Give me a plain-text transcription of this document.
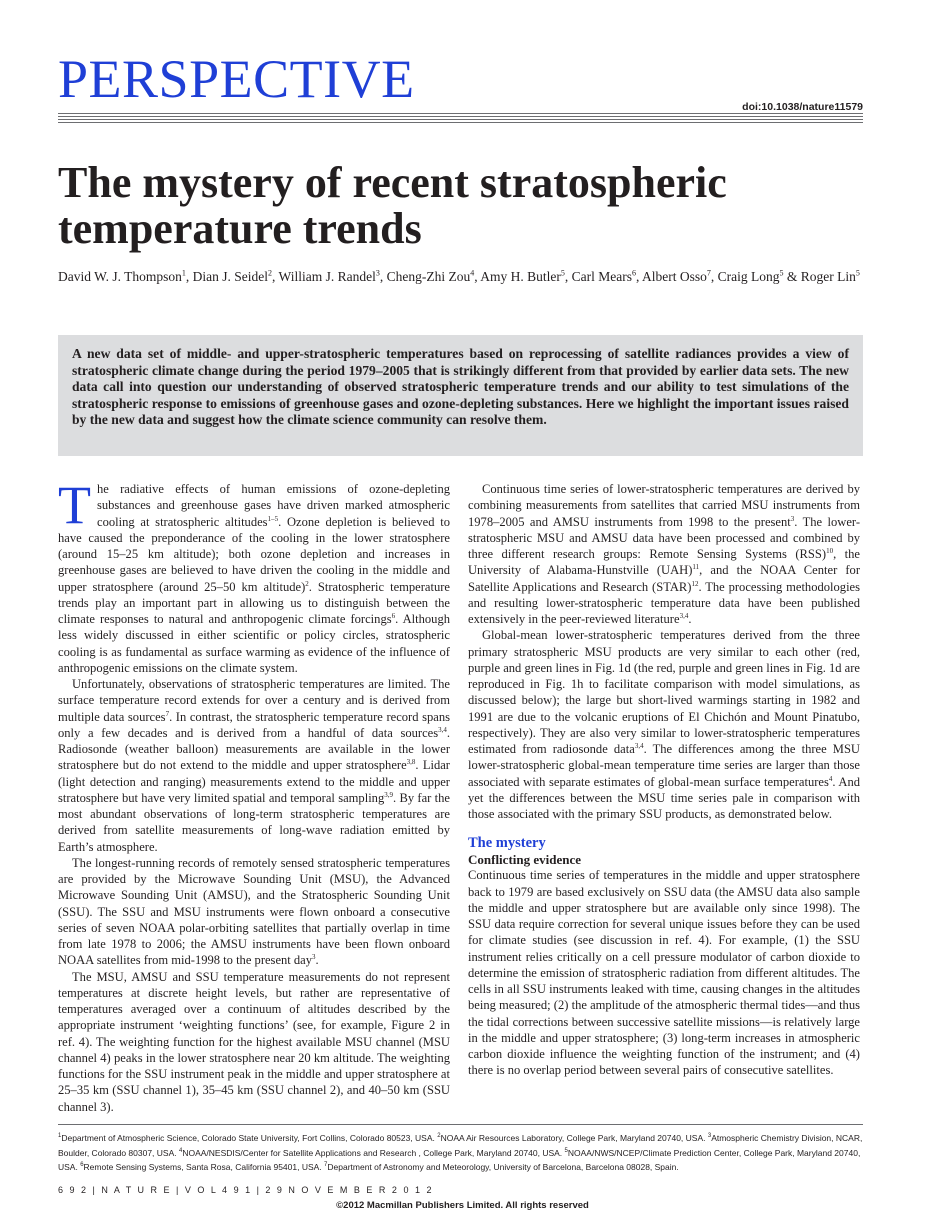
PERSPECTIVE	doi:10.1038/nature11579
The mystery of recent stratospheric temperature trends
David W. J. Thompson$^1$, Dian J. Seidel$^2$, William J. Randel$^3$, Cheng-Zhi Zou$^4$, Amy H. Butler$^5$, Carl Mears$^6$, Albert Osso$^7$, Craig Long$^5$ & Roger Lin$^5$

A new data set of middle- and upper-stratospheric temperatures based on reprocessing of satellite radiances provides a view of stratospheric climate change during the period 1979–2005 that is strikingly different from that provided by earlier data sets. The new data call into question our understanding of observed stratospheric temperature trends and our ability to test simulations of the stratospheric response to emissions of greenhouse gases and ozone-depleting substances. Here we highlight the important issues raised by the new data and suggest how the climate science community can resolve them.

The radiative effects of human emissions of ozone-depleting substances and greenhouse gases have driven marked atmospheric cooling at stratospheric altitudes$^{1-5}$. Ozone depletion is believed to have caused the preponderance of the cooling in the lower stratosphere (around 15–25 km altitude); both ozone depletion and increases in greenhouse gases are believed to have driven the cooling in the middle and upper stratosphere (around 25–50 km altitude)$^2$. Stratospheric temperature trends play an important part in allowing us to distinguish between the climate responses to natural and anthropogenic climate forcings$^6$. Although less widely discussed in either scientific or policy circles, stratospheric cooling is as fundamental as surface warming as evidence of the influence of anthropogenic emissions on the climate system.

Unfortunately, observations of stratospheric temperatures are limited. The surface temperature record extends for over a century and is derived from multiple data sources$^7$. In contrast, the stratospheric temperature record spans only a few decades and is derived from a handful of data sources$^{3,4}$. Radiosonde (weather balloon) measurements are available in the lower stratosphere but do not extend to the middle and upper stratosphere$^{3,8}$. Lidar (light detection and ranging) measurements extend to the middle and upper stratosphere but have very limited spatial and temporal sampling$^{3,9}$. By far the most abundant observations of long-term stratospheric temperatures are derived from satellite measurements of long-wave radiation emitted by Earth’s atmosphere.

The longest-running records of remotely sensed stratospheric temperatures are provided by the Microwave Sounding Unit (MSU), the Advanced Microwave Sounding Unit (AMSU), and the Stratospheric Sounding Unit (SSU). The SSU and MSU instruments were flown onboard a consecutive series of seven NOAA polar-orbiting satellites that partially overlap in time from late 1978 to 2006; the AMSU instruments have been flown onboard NOAA satellites from mid-1998 to the present day$^3$.

The MSU, AMSU and SSU temperature measurements do not represent temperatures at discrete height levels, but rather are representative of temperatures averaged over a continuum of altitudes described by the appropriate instrument ‘weighting functions’ (see, for example, Figure 2 in ref. 4). The weighting function for the highest available MSU channel (MSU channel 4) peaks in the lower stratosphere near 20 km altitude. The weighting functions for the SSU instrument peak in the middle and upper stratosphere at 25–35 km (SSU channel 1), 35–45 km (SSU channel 2), and 40–50 km (SSU channel 3).

Continuous time series of lower-stratospheric temperatures are derived by combining measurements from satellites that carried MSU instruments from 1978–2005 and AMSU instruments from 1998 to the present$^3$. The lower-stratospheric MSU and AMSU data have been processed and combined by three different research groups: Remote Sensing Systems (RSS)$^{10}$, the University of Alabama-Hunstville (UAH)$^{11}$, and the NOAA Center for Satellite Applications and Research (STAR)$^{12}$. The processing methodologies and resulting lower-stratospheric temperature data have been published extensively in the peer-reviewed literature$^{3,4}$.

Global-mean lower-stratospheric temperatures derived from the three primary stratospheric MSU products are very similar to each other (red, purple and green lines in Fig. 1d (the red, purple and green lines in Fig. 1d are reproduced in Fig. 1h to facilitate comparison with model simulations, as discussed below); the large but short-lived warmings starting in 1982 and 1991 are due to the volcanic eruptions of El Chichón and Mount Pinatubo, respectively). They are also very similar to lower-stratospheric temperatures estimated from radiosonde data$^{3,4}$. The differences among the three MSU lower-stratospheric global-mean temperature time series are larger than those associated with separate estimates of global-mean surface temperatures$^4$. And yet the differences between the MSU time series pale in comparison with those associated with the primary SSU products, as demonstrated below.

The mystery
Conflicting evidence

Continuous time series of temperatures in the middle and upper stratosphere back to 1979 are based exclusively on SSU data (the AMSU data also sample the middle and upper stratosphere but are available only since 1998). The SSU data require correction for several unique issues before they can be used for climate studies (see discussion in ref. 4). For example, (1) the SSU instrument relies critically on a cell pressure modulator of carbon dioxide to determine the emission of stratospheric radiation from different altitudes. The cells in all SSU instruments leaked with time, causing changes in the altitudes being measured; (2) the amplitude of the atmospheric thermal tides—and thus the tidal corrections between successive satellite missions—is relatively large in the middle and upper stratosphere; (3) long-term increases in atmospheric carbon dioxide influence the weighting function of the instrument; and (4) there is no overlap period between several pairs of consecutive satellites.

$^1$Department of Atmospheric Science, Colorado State University, Fort Collins, Colorado 80523, USA. $^2$NOAA Air Resources Laboratory, College Park, Maryland 20740, USA. $^3$Atmospheric Chemistry Division, NCAR, Boulder, Colorado 80307, USA. $^4$NOAA/NESDIS/Center for Satellite Applications and Research , College Park, Maryland 20740, USA. $^5$NOAA/NWS/NCEP/Climate Prediction Center, College Park, Maryland 20740, USA. $^6$Remote Sensing Systems, Santa Rosa, California 95401, USA. $^7$Department of Astronomy and Meteorology, University of Barcelona, Barcelona 08028, Spain.
6 9 2 | N A T U R E | V O L 4 9 1 | 2 9 N O V E M B E R 2 0 1 2
©2012 Macmillan Publishers Limited. All rights reserved
